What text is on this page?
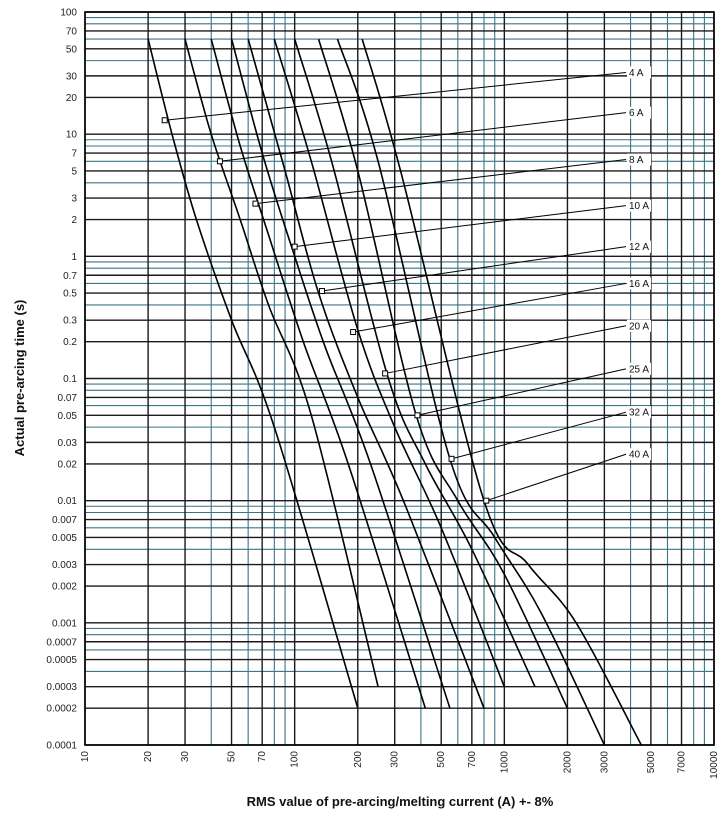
4 A
6 A
8 A
10 A
12 A
16 A
20 A
25 A
32 A
40 A
10	20	30	50 70 100	200	300	500 700 1000	2000	3000	5000 7000 10000
100
70
50
30
20
10
7
5
3
2
1
0.7
0.5
0.3
0.2
0.1
0.07
0.05
0.03
0.02
0.01
0.007
0.005
0.003
0.002
0.001
0.0007
0.0005
0.0003
0.0002
0.0001
RMS value of pre-arcing/melting current (A) +- 8%
Actual pre-arcing time (s)
